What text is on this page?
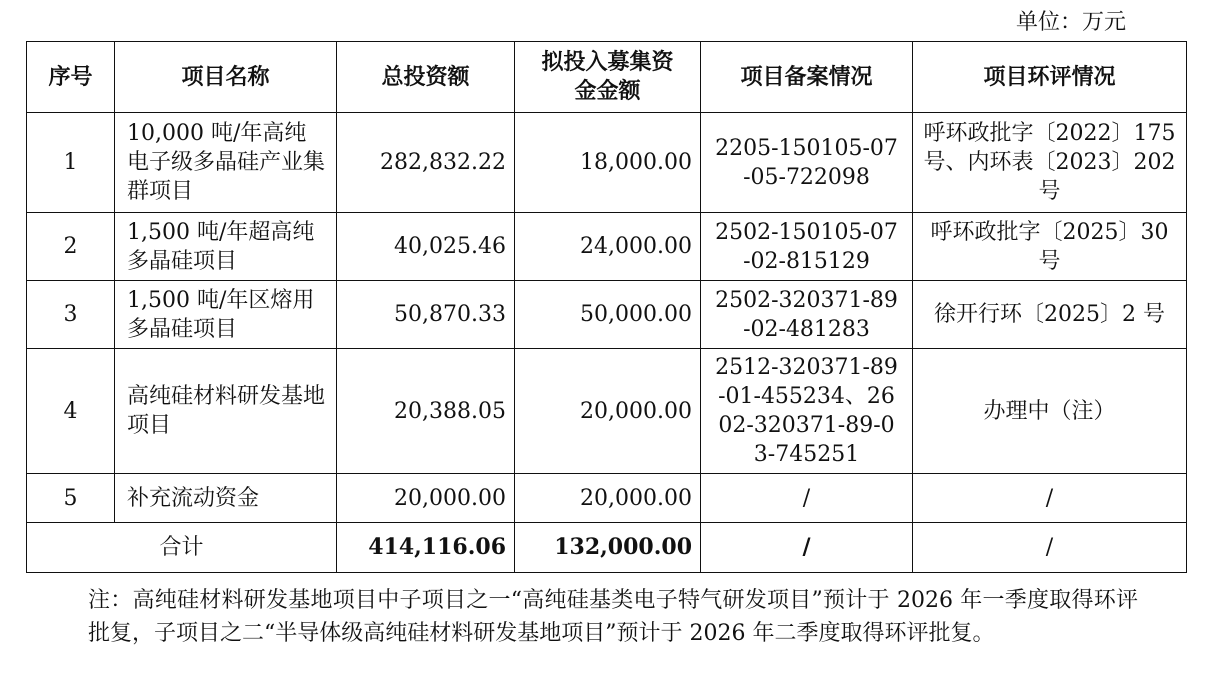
单位：万元
序号	项目名称	总投资额	拟投入募集资金金额	项目备案情况	项目环评情况
1	10,000 吨/年高纯电子级多晶硅产业集群项目	282,832.22	18,000.00	2205-150105-07-05-722098	呼环政批字〔2022〕175 号、内环表〔2023〕202 号
2	1,500 吨/年超高纯多晶硅项目	40,025.46	24,000.00	2502-150105-07-02-815129	呼环政批字〔2025〕30 号
3	1,500 吨/年区熔用多晶硅项目	50,870.33	50,000.00	2502-320371-89-02-481283	徐开行环〔2025〕2 号
4	高纯硅材料研发基地项目	20,388.05	20,000.00	2512-320371-89-01-455234、2602-320371-89-03-745251	办理中（注）
5	补充流动资金	20,000.00	20,000.00	/	/
合计		414,116.06	132,000.00	/	/
注：高纯硅材料研发基地项目中子项目之一“高纯硅基类电子特气研发项目”预计于 2026 年一季度取得环评批复，子项目之二“半导体级高纯硅材料研发基地项目”预计于 2026 年二季度取得环评批复。
